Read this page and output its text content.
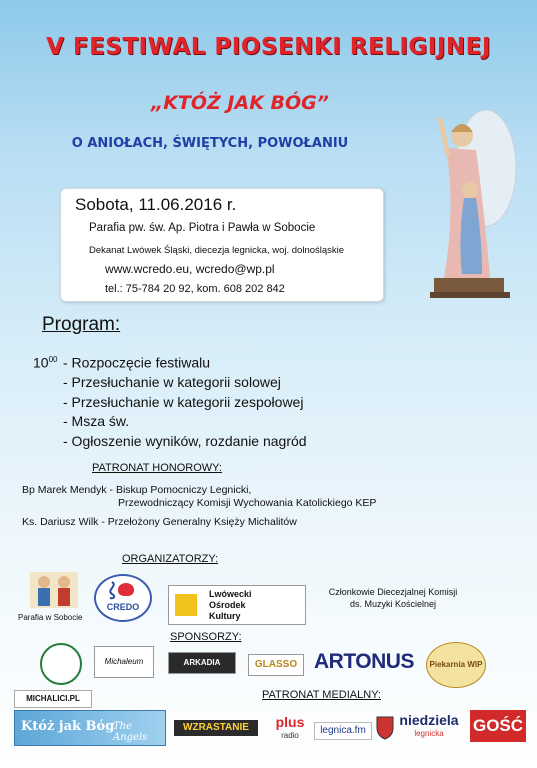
V FESTIWAL PIOSENKI RELIGIJNEJ
„KTÓŻ JAK BÓG”
O ANIOŁACH, ŚWIĘTYCH, POWOŁANIU
Sobota, 11.06.2016 r.
Parafia pw. św. Ap. Piotra i Pawła w Sobocie
Dekanat Lwówek Śląski, diecezja legnicka, woj. dolnośląskie
www.wcredo.eu, wcredo@wp.pl
tel.: 75-784 20 92, kom. 608 202 842
Program:
$10^{00}$ - Rozpoczęcie festiwalu
- Przesłuchanie w kategorii solowej
- Przesłuchanie w kategorii zespołowej
- Msza św.
- Ogłoszenie wyników, rozdanie nagród
PATRONAT HONOROWY:
Bp Marek Mendyk - Biskup Pomocniczy Legnicki,
Przewodniczący Komisji Wychowania Katolickiego KEP
Ks. Dariusz Wilk - Przełożony Generalny Księży Michalitów
ORGANIZATORZY:
Parafia w Sobocie
CREDO
Lwówecki
Ośrodek
Kultury
Członkowie Diecezjalnej Komisji
ds. Muzyki Kościelnej
SPONSORZY:
Michaleum	ARKADIA	GLASSO ARTONUS	Piekarnia WIP
MICHALICI.PL	PATRONAT MEDIALNY:
Któż jak Bóg
The Angels
WZRASTANIE	plus
radio	legnica.fm
niedziela
legnicka	GOŚĆ
